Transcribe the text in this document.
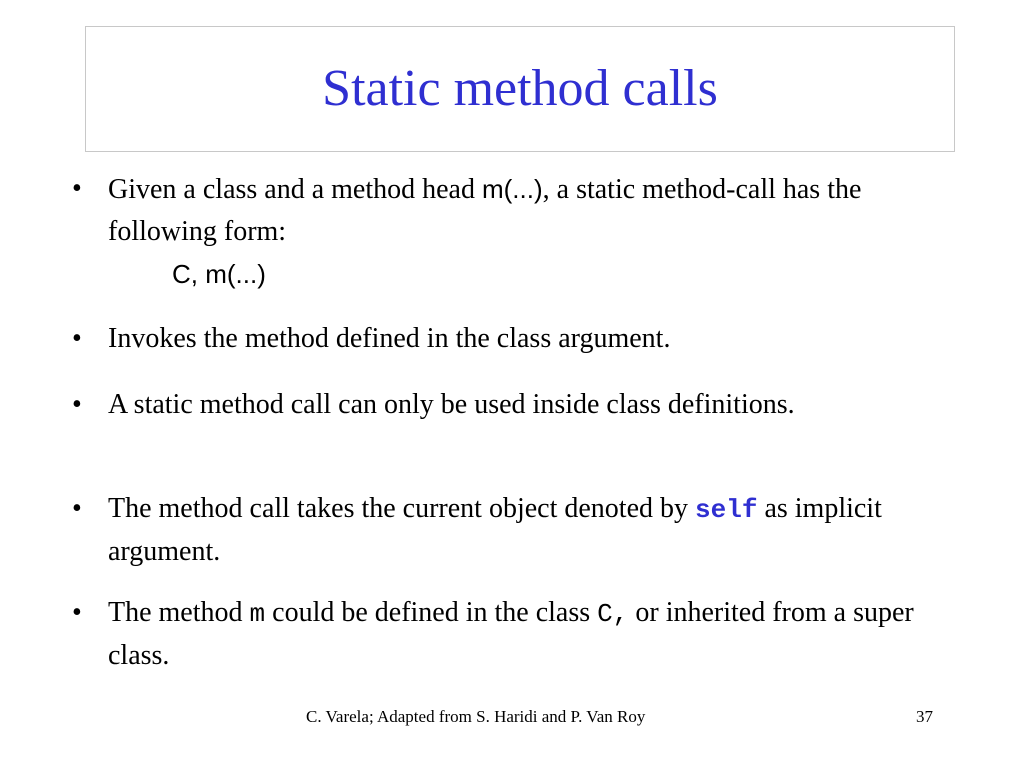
Static method calls
• Given a class and a method head m(...), a static method-call has the following form:
C, m(...)
• Invokes the method defined in the class argument.
• A static method call can only be used inside class definitions.
• The method call takes the current object denoted by self as implicit argument.
• The method m could be defined in the class C, or inherited from a super class.
C. Varela; Adapted from S. Haridi and P. Van Roy	37
